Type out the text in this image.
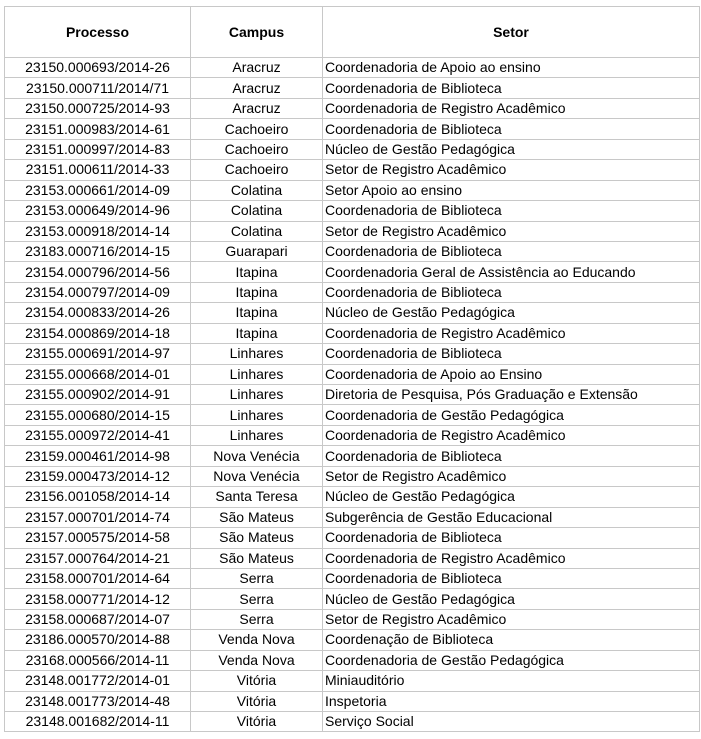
Processo	Campus	Setor
23150.000693/2014-26	Aracruz	Coordenadoria de Apoio ao ensino
23150.000711/2014/71	Aracruz	Coordenadoria de Biblioteca
23150.000725/2014-93	Aracruz	Coordenadoria de Registro Acadêmico
23151.000983/2014-61	Cachoeiro	Coordenadoria de Biblioteca
23151.000997/2014-83	Cachoeiro	Núcleo de Gestão Pedagógica
23151.000611/2014-33	Cachoeiro	Setor de Registro Acadêmico
23153.000661/2014-09	Colatina	Setor Apoio ao ensino
23153.000649/2014-96	Colatina	Coordenadoria de Biblioteca
23153.000918/2014-14	Colatina	Setor de Registro Acadêmico
23183.000716/2014-15	Guarapari	Coordenadoria de Biblioteca
23154.000796/2014-56	Itapina	Coordenadoria Geral de Assistência ao Educando
23154.000797/2014-09	Itapina	Coordenadoria de Biblioteca
23154.000833/2014-26	Itapina	Núcleo de Gestão Pedagógica
23154.000869/2014-18	Itapina	Coordenadoria de Registro Acadêmico
23155.000691/2014-97	Linhares	Coordenadoria de Biblioteca
23155.000668/2014-01	Linhares	Coordenadoria de Apoio ao Ensino
23155.000902/2014-91	Linhares	Diretoria de Pesquisa, Pós Graduação e Extensão
23155.000680/2014-15	Linhares	Coordenadoria de Gestão Pedagógica
23155.000972/2014-41	Linhares	Coordenadoria de Registro Acadêmico
23159.000461/2014-98	Nova Venécia	Coordenadoria de Biblioteca
23159.000473/2014-12	Nova Venécia	Setor de Registro Acadêmico
23156.001058/2014-14	Santa Teresa	Núcleo de Gestão Pedagógica
23157.000701/2014-74	São Mateus	Subgerência de Gestão Educacional
23157.000575/2014-58	São Mateus	Coordenadoria de Biblioteca
23157.000764/2014-21	São Mateus	Coordenadoria de Registro Acadêmico
23158.000701/2014-64	Serra	Coordenadoria de Biblioteca
23158.000771/2014-12	Serra	Núcleo de Gestão Pedagógica
23158.000687/2014-07	Serra	Setor de Registro Acadêmico
23186.000570/2014-88	Venda Nova	Coordenação de Biblioteca
23168.000566/2014-11	Venda Nova	Coordenadoria de Gestão Pedagógica
23148.001772/2014-01	Vitória	Miniauditório
23148.001773/2014-48	Vitória	Inspetoria
23148.001682/2014-11	Vitória	Serviço Social
